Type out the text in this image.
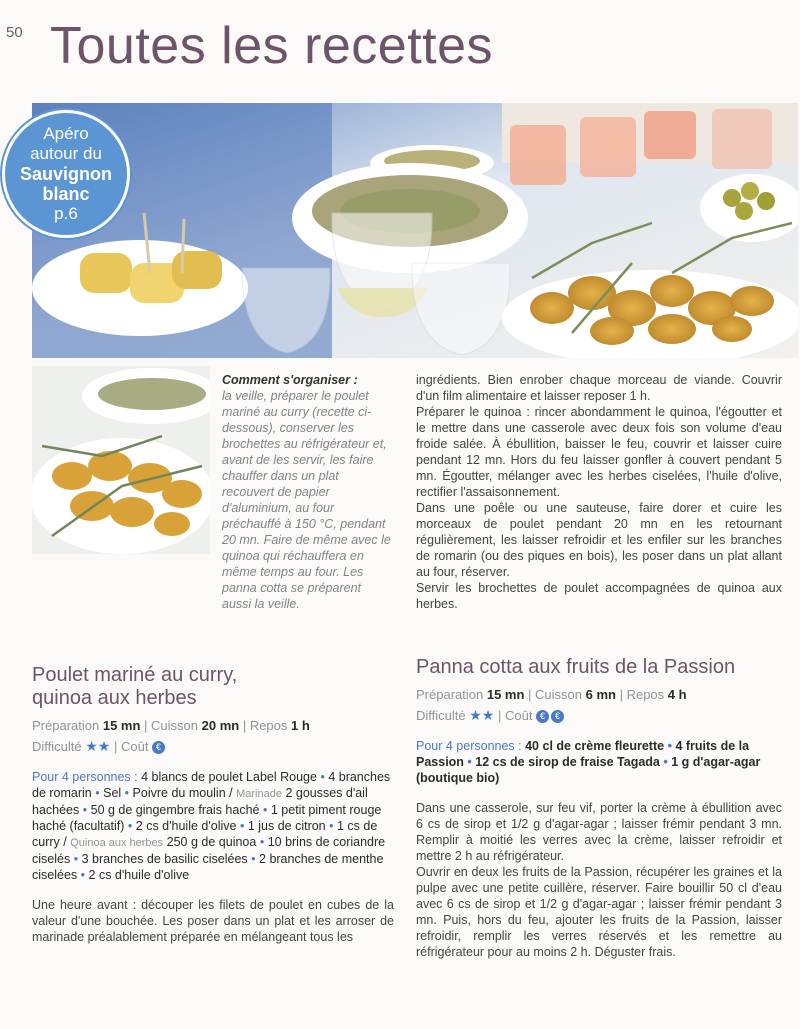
50 Toutes les recettes
Apéro
autour du
Sauvignon
blanc
p.6
Comment s'organiser :
la veille, préparer le poulet mariné au curry (recette ci-dessous), conserver les brochettes au réfrigérateur et, avant de les servir, les faire chauffer dans un plat recouvert de papier d'aluminium, au four préchauffé à 150 °C, pendant 20 mn. Faire de même avec le quinoa qui réchauffera en même temps au four. Les panna cotta se préparent aussi la veille.

ingrédients. Bien enrober chaque morceau de viande. Couvrir d'un film alimentaire et laisser reposer 1 h.

Préparer le quinoa : rincer abondamment le quinoa, l'égoutter et le mettre dans une casserole avec deux fois son volume d'eau froide salée. À ébullition, baisser le feu, couvrir et laisser cuire pendant 12 mn. Hors du feu laisser gonfler à couvert pendant 5 mn. Égoutter, mélanger avec les herbes ciselées, l'huile d'olive, rectifier l'assaisonnement.

Dans une poêle ou une sauteuse, faire dorer et cuire les morceaux de poulet pendant 20 mn en les retournant régulièrement, les laisser refroidir et les enfiler sur les branches de romarin (ou des piques en bois), les poser dans un plat allant au four, réserver.

Servir les brochettes de poulet accompagnées de quinoa aux herbes.

Poulet mariné au curry,
quinoa aux herbes
Préparation 15 mn | Cuisson 20 mn | Repos 1 h
Difficulté ★★ | Coût €
Pour 4 personnes : 4 blancs de poulet Label Rouge • 4 branches de romarin • Sel • Poivre du moulin / Marinade 2 gousses d'ail hachées • 50 g de gingembre frais haché • 1 petit piment rouge haché (facultatif) • 2 cs d'huile d'olive • 1 jus de citron • 1 cs de curry / Quinoa aux herbes 250 g de quinoa • 10 brins de coriandre ciselés • 3 branches de basilic ciselées • 2 branches de menthe ciselées • 2 cs d'huile d'olive

Une heure avant : découper les filets de poulet en cubes de la valeur d'une bouchée. Les poser dans un plat et les arroser de marinade préalablement préparée en mélangeant tous les

Panna cotta aux fruits de la Passion
Préparation 15 mn | Cuisson 6 mn | Repos 4 h
Difficulté ★★ | Coût € €
Pour 4 personnes : 40 cl de crème fleurette • 4 fruits de la Passion • 12 cs de sirop de fraise Tagada • 1 g d'agar-agar (boutique bio)

Dans une casserole, sur feu vif, porter la crème à ébullition avec 6 cs de sirop et 1/2 g d'agar-agar ; laisser frémir pendant 3 mn. Remplir à moitié les verres avec la crème, laisser refroidir et mettre 2 h au réfrigérateur.

Ouvrir en deux les fruits de la Passion, récupérer les graines et la pulpe avec une petite cuillère, réserver. Faire bouillir 50 cl d'eau avec 6 cs de sirop et 1/2 g d'agar-agar ; laisser frémir pendant 3 mn. Puis, hors du feu, ajouter les fruits de la Passion, laisser refroidir, remplir les verres réservés et les remettre au réfrigérateur pour au moins 2 h. Déguster frais.
